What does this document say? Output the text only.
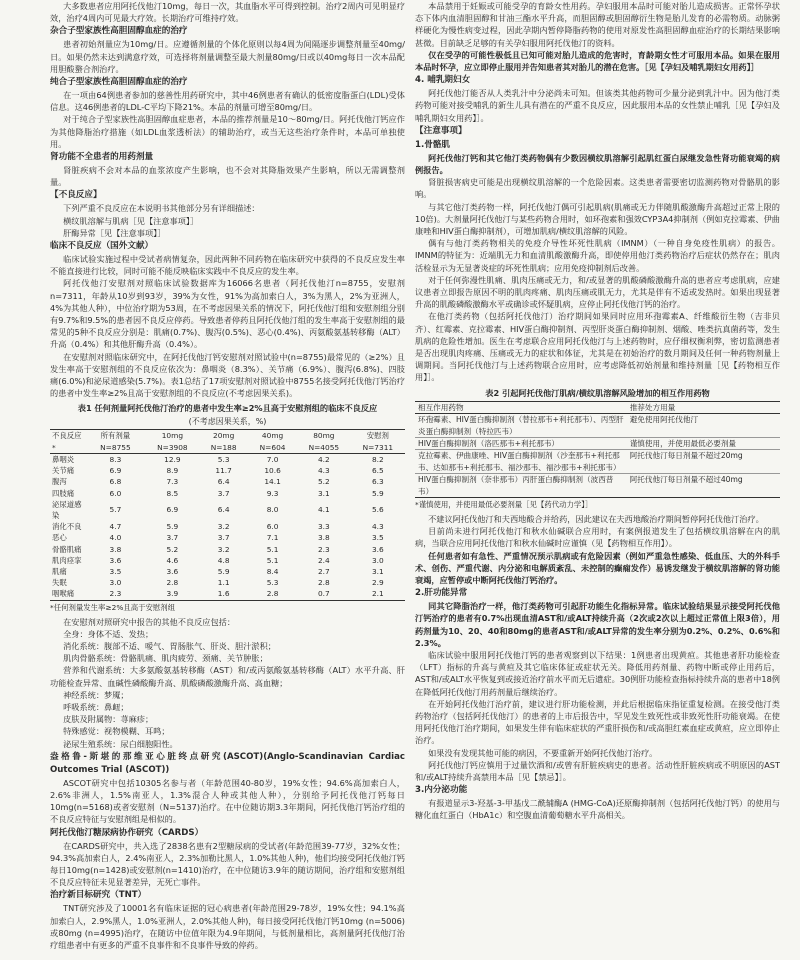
大多数患者应用阿托伐他汀10mg，每日一次，其血脂水平可得到控制。治疗2周内可见明显疗效，治疗4周内可见最大疗效。长期治疗可维持疗效。

杂合子型家族性高胆固醇血症的治疗

患者初始剂量应为10mg/日。应遵循剂量的个体化原则以每4周为间隔逐步调整剂量至40mg/日。如果仍然未达到满意疗效，可选择将剂量调整至最大剂量80mg/日或以40mg每日一次本品配用胆酸螯合剂治疗。

纯合子型家族性高胆固醇血症的治疗

在一项由64例患者参加的慈善性用药研究中，其中46例患者有确认的低密度脂蛋白(LDL)受体信息。这46例患者的LDL-C平均下降21%。本品的剂量可增至80mg/日。

对于纯合子型家族性高胆固醇血症患者，本品的推荐剂量是10～80mg/日。阿托伐他汀钙应作为其他降脂治疗措施（如LDL血浆透析法）的辅助治疗，或当无这些治疗条件时，本品可单独使用。

肾功能不全患者的用药剂量

肾脏疾病不会对本品的血浆浓度产生影响，也不会对其降脂效果产生影响，所以无需调整剂量。

【不良反应】

下列严重不良反应在本说明书其他部分另有详细描述：

横纹肌溶解与肌病［见【注意事项】］

肝酶异常［见【注意事项】］

临床不良反应（国外文献）

临床试验实施过程中受试者病情复杂，因此两种不同药物在临床研究中获得的不良反应发生率不能直接进行比较，同时可能不能反映临床实践中不良反应的发生率。

阿托伐他汀安慰剂对照临床试验数据库为16066名患者（阿托伐他汀n=8755，安慰剂n=7311，年龄从10岁到93岁，39%为女性，91%为高加索白人，3%为黑人，2%为亚洲人，4%为其他人种），中位治疗期为53周，在不考虑因果关系的情况下，阿托伐他汀组和安慰剂组分别有9.7%和9.5%的患者因不良反应停药。导致患者停药且阿托伐他汀组的发生率高于安慰剂组的最常见的5种不良反应分别是：肌痛(0.7%)、腹泻(0.5%)、恶心(0.4%)、丙氨酸氨基转移酶（ALT）升高（0.4%）和其他肝酶升高（0.4%）。

在安慰剂对照临床研究中，在阿托伐他汀钙安慰剂对照试验中(n=8755)最常见的（≥2%）且发生率高于安慰剂组的不良反应依次为：鼻咽炎（8.3%）、关节痛（6.9%）、腹泻(6.8%)、四肢痛(6.0%)和泌尿道感染(5.7%)。表1总结了17项安慰剂对照试验中8755名接受阿托伐他汀钙治疗的患者中发生率≥2%且高于安慰剂组的不良反应(不考虑因果关系)。

表1 任何剂量阿托伐他汀治疗的患者中发生率≥2%且高于安慰剂组的临床不良反应
(不考虑因果关系，%)
不良反应*	所有剂量 N=8755	10mg N=3908	20mg N=188	40mg N=604	80mg N=4055	安慰剂 N=7311
鼻咽炎	8.3	12.9	5.3	7.0	4.2	8.2
关节痛	6.9	8.9	11.7	10.6	4.3	6.5
腹泻	6.8	7.3	6.4	14.1	5.2	6.3
四肢痛	6.0	8.5	3.7	9.3	3.1	5.9
泌尿道感染	5.7	6.9	6.4	8.0	4.1	5.6
消化不良	4.7	5.9	3.2	6.0	3.3	4.3
恶心	4.0	3.7	3.7	7.1	3.8	3.5
骨骼肌痛	3.8	5.2	3.2	5.1	2.3	3.6
肌肉痉挛	3.6	4.6	4.8	5.1	2.4	3.0
肌痛	3.5	3.6	5.9	8.4	2.7	3.1
失眠	3.0	2.8	1.1	5.3	2.8	2.9
咽喉痛	2.3	3.9	1.6	2.8	0.7	2.1
*任何剂量发生率≥2%且高于安慰剂组

在安慰剂对照研究中报告的其他不良反应包括：

全身：身体不适、发热；

消化系统：腹部不适、嗳气、胃肠胀气、肝炎、胆汁淤积；

肌肉骨骼系统：骨骼肌痛、肌肉疲劳、颈痛、关节肿胀；

营养和代谢系统：大多氨酸氨基转移酶（AST）和/或丙氨酸氨基转移酶（ALT）水平升高、肝功能检查异常、血碱性磷酸酶升高、肌酸磷酸激酶升高、高血糖；

神经系统：梦魇；

呼吸系统：鼻衄；

皮肤及附属物：荨麻疹；

特殊感觉：视物模糊、耳鸣；

泌尿生殖系统：尿白细胞阳性。

盎格鲁-斯堪的那维亚心脏终点研究(ASCOT)(Anglo-Scandinavian Cardiac Outcomes Trial (ASCOT))

ASCOT研究中包括10305名参与者（年龄范围40-80岁，19%女性；94.6%高加索白人，2.6%非洲人，1.5%南亚人，1.3%混合人种或其他人种），分别给予阿托伐他汀钙每日10mg(n=5168)或者安慰剂（N=5137)治疗。在中位随访期3.3年期间，阿托伐他汀钙治疗组的不良反应特征与安慰剂组是相似的。

阿托伐他汀糖尿病协作研究（CARDS）

在CARDS研究中，共入选了2838名患有2型糖尿病的受试者(年龄范围39-77岁，32%女性；94.3%高加索白人，2.4%南亚人，2.3%加勒比黑人，1.0%其他人种)，他们均接受阿托伐他汀钙每日10mg(n=1428)或安慰剂(n=1410)治疗，在中位随访3.9年的随访期间，治疗组和安慰剂组不良反应特征未见显著差异，无死亡事件。

治疗新目标研究（TNT）

TNT研究涉及了10001名有临床证据的冠心病患者(年龄范围29-78岁，19%女性；94.1%高加索白人，2.9%黑人，1.0%亚洲人，2.0%其他人种)，每日接受阿托伐他汀钙10mg (n=5006)或80mg (n=4995)治疗，在随访中位值年限为4.9年期间，与低剂量相比，高剂量阿托伐他汀治疗组患者中有更多的严重不良事件和不良事件导致的停药。

本品禁用于妊娠或可能受孕的育龄女性用药。孕妇服用本品时可能对胎儿造成损害。正常怀孕状态下体内血清胆固醇和甘油三酯水平升高，而胆固醇或胆固醇衍生物是胎儿发育的必需物质。动脉粥样硬化为慢性病变过程，因此孕期内暂停降脂药物的使用对原发性高胆固醇血症治疗的长期结果影响甚微。目前缺乏足够的有关孕妇服用阿托伐他汀的资料。

仅在受孕的可能性极低且已知可能对胎儿造成的危害时，育龄期女性才可服用本品。如果在服用本品时怀孕，应立即停止服用并告知患者其对胎儿的潜在危害。［见【孕妇及哺乳期妇女用药】］

4. 哺乳期妇女

阿托伐他汀能否从人类乳汁中分泌尚未可知。但该类其他药物可少量分泌到乳汁中。因为他汀类药物可能对接受哺乳的新生儿具有潜在的严重不良反应，因此服用本品的女性禁止哺乳［见【孕妇及哺乳期妇女用药】］。

【注意事项】
1.骨骼肌

阿托伐他汀钙和其它他汀类药物偶有少数因横纹肌溶解引起肌红蛋白尿继发急性肾功能衰竭的病例报告。

肾脏损害病史可能是出现横纹肌溶解的一个危险因素。这类患者需要密切监测药物对骨骼肌的影响。

与其它他汀类药物一样，阿托伐他汀偶可引起肌病(肌痛或无力伴随肌酸激酶升高超过正常上限的10倍)。大剂量阿托伐他汀与某些药物合用时，如环孢素和强效CYP3A4抑制剂（例如克拉霉素、伊曲康唑和HIV蛋白酶抑制剂），可增加肌病/横纹肌溶解的风险。

偶有与他汀类药物相关的免疫介导性坏死性肌病（IMNM）（一种自身免疫性肌病）的报告。IMNM的特征为：近端肌无力和血清肌酸激酶升高，即使停用他汀类药物治疗后症状仍然存在；肌肉活检显示为无显著炎症的坏死性肌病；应用免疫抑制剂后改善。

对于任何弥漫性肌痛、肌肉压痛或无力，和/或显著的肌酸磷酸激酶升高的患者应考虑肌病，应建议患者立即报告原因不明的肌肉疼痛、肌肉压痛或肌无力，尤其是伴有不适或发热时。如果出现显著升高的肌酸磷酸激酶水平或确诊或怀疑肌病，应停止阿托伐他汀钙的治疗。

在他汀类药物（包括阿托伐他汀）治疗期间如果同时应用环孢霉素A、纤维酸衍生物（吉非贝齐）、红霉素、克拉霉素、HIV蛋白酶抑制剂、丙型肝炎蛋白酶抑制剂、烟酸、唑类抗真菌药等，发生肌病的危险性增加。医生在考虑联合应用阿托伐他汀与上述药物时，应仔细权衡利弊，密切监测患者是否出现肌肉疼痛、压痛或无力的症状和体征，尤其是在初始治疗的数月期间及任何一种药物剂量上调期间。当阿托伐他汀与上述药物联合应用时，应考虑降低初始剂量和维持剂量［见【药物相互作用】］。

表2 引起阿托伐他汀肌病/横纹肌溶解风险增加的相互作用药物
相互作用药物	推荐处方用量
环孢霉素、HIV蛋白酶抑制剂（替拉那韦+利托那韦）、丙型肝炎蛋白酶抑制剂（特拉匹韦）	避免使用阿托伐他汀
HIV蛋白酶抑制剂（洛匹那韦+利托那韦）	谨慎使用，并使用最低必要剂量
克拉霉素、伊曲康唑、HIV蛋白酶抑制剂（沙奎那韦+利托那韦、达如那韦+利托那韦、福沙那韦、福沙那韦+利托那韦）	阿托伐他汀每日剂量不超过20mg
HIV蛋白酶抑制剂（奈非那韦）丙肝蛋白酶抑制剂（波西普韦）	阿托伐他汀每日剂量不超过40mg
*谨慎使用，并使用最低必要剂量［见【药代动力学】］

不建议阿托伐他汀和夫西地酸合并给药，因此建议在夫西地酸治疗期间暂停阿托伐他汀治疗。

目前尚未进行阿托伐他汀和秋水仙碱联合应用时，有案例报道发生了包括横纹肌溶解在内的肌病，当联合应用阿托伐他汀和秋水仙碱时应谨慎（见【药物相互作用】）。

任何患者如有急性、严重情况预示肌病或有危险因素（例如严重急性感染、低血压、大的外科手术、创伤、严重代谢、内分泌和电解质紊乱、未控制的癫痫发作）易诱发继发于横纹肌溶解的肾功能衰竭，应暂停或中断阿托伐他汀钙治疗。

2.肝功能异常

同其它降脂治疗一样，他汀类药物可引起肝功能生化指标异常。临床试验结果显示接受阿托伐他汀钙治疗的患者有0.7%出现血清AST和/或ALT持续升高（2次或2次以上超过正常值上限3倍），用药剂量为10、20、40和80mg的患者AST和/或ALT异常的发生率分别为0.2%、0.2%、0.6%和2.3%。

临床试验中服用阿托伐他汀钙的患者观察到以下结果：1例患者出现黄疸。其他患者肝功能检查（LFT）指标的升高与黄疸及其它临床体征或症状无关。降低用药剂量、药物中断或停止用药后，AST和/或ALT水平恢复到或接近治疗前水平而无后遗症。30例肝功能检查指标持续升高的患者中18例在降低阿托伐他汀用药剂量后继续治疗。

在开始阿托伐他汀治疗前，建议进行肝功能检测，并此后根据临床指征重复检测。在接受他汀类药物治疗（包括阿托伐他汀）的患者的上市后报告中，罕见发生致死性或非致死性肝功能衰竭。在使用阿托伐他汀治疗期间，如果发生伴有临床症状的严重肝损伤和/或高胆红素血症或黄疸，应立即停止治疗。

如果没有发现其他可能的病因，不要重新开始阿托伐他汀治疗。

阿托伐他汀钙应慎用于过量饮酒和/或曾有肝脏疾病史的患者。活动性肝脏疾病或不明原因的AST和/或ALT持续升高禁用本品［见【禁忌】］。

3.内分泌功能

有报道显示3-羟基-3-甲基戊二酰辅酶A (HMG-CoA)还原酶抑制剂（包括阿托伐他汀钙）的使用与糖化血红蛋白（HbA1c）和空腹血清葡萄糖水平升高相关。
